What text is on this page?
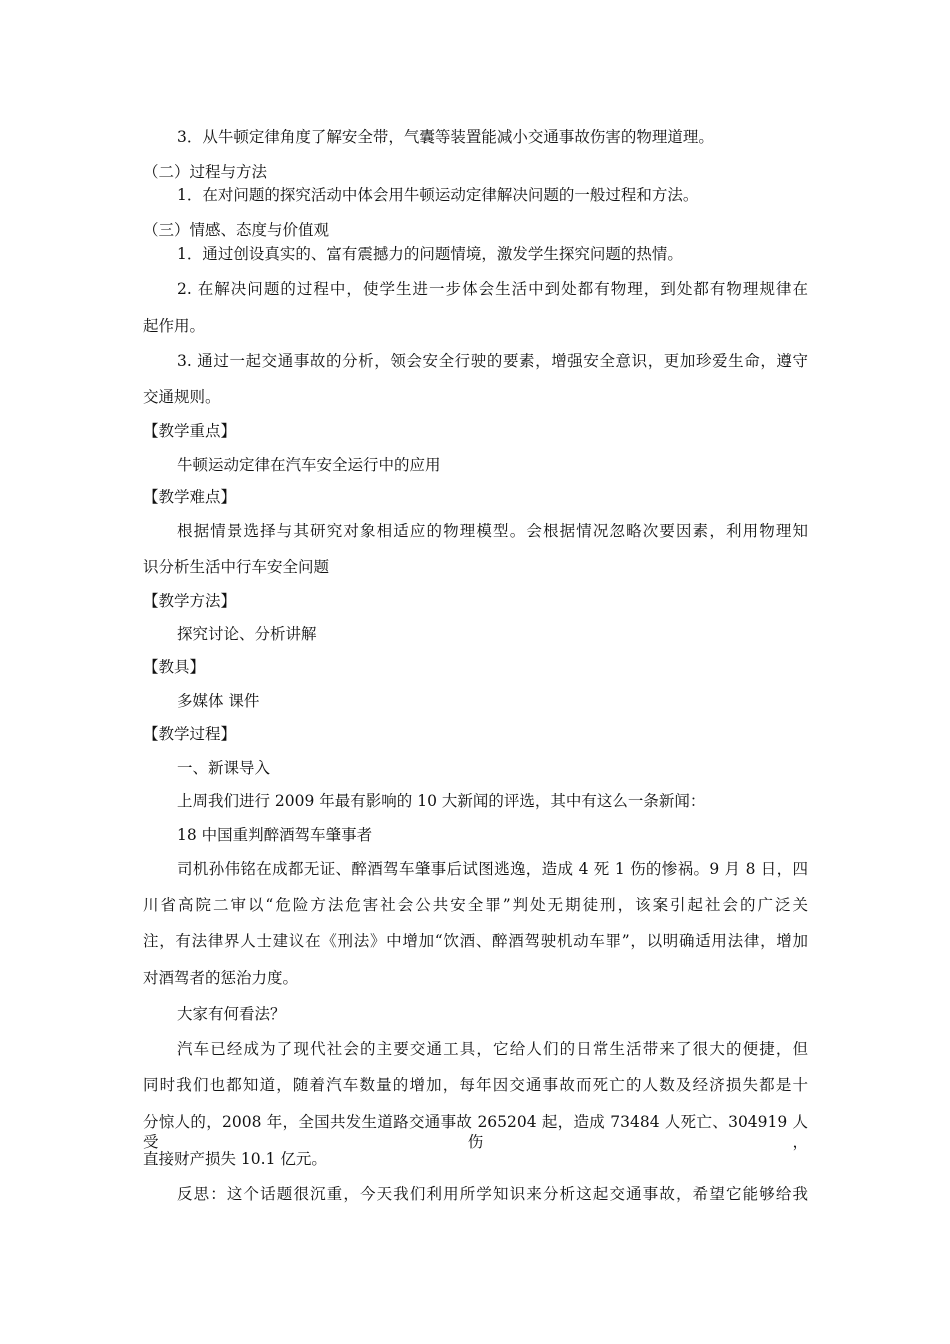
3．从牛顿定律角度了解安全带，气囊等装置能减小交通事故伤害的物理道理。
（二）过程与方法
1．在对问题的探究活动中体会用牛顿运动定律解决问题的一般过程和方法。
（三）情感、态度与价值观
1．通过创设真实的、富有震撼力的问题情境，激发学生探究问题的热情。
2. 在解决问题的过程中，使学生进一步体会生活中到处都有物理，到处都有物理规律在
起作用。
3. 通过一起交通事故的分析，领会安全行驶的要素，增强安全意识，更加珍爱生命，遵守
交通规则。
【教学重点】
牛顿运动定律在汽车安全运行中的应用
【教学难点】
根据情景选择与其研究对象相适应的物理模型。会根据情况忽略次要因素，利用物理知
识分析生活中行车安全问题
【教学方法】
探究讨论、分析讲解
【教具】
多媒体 课件
【教学过程】
一、新课导入
上周我们进行 2009 年最有影响的 10 大新闻的评选，其中有这么一条新闻：
18 中国重判醉酒驾车肇事者
司机孙伟铭在成都无证、醉酒驾车肇事后试图逃逸，造成 4 死 1 伤的惨祸。9 月 8 日，四
川省高院二审以“危险方法危害社会公共安全罪”判处无期徒刑，该案引起社会的广泛关
注，有法律界人士建议在《刑法》中增加“饮酒、醉酒驾驶机动车罪”，以明确适用法律，增加
对酒驾者的惩治力度。
大家有何看法？
汽车已经成为了现代社会的主要交通工具，它给人们的日常生活带来了很大的便捷，但
同时我们也都知道，随着汽车数量的增加，每年因交通事故而死亡的人数及经济损失都是十
分惊人的，2008 年，全国共发生道路交通事故 265204 起，造成 73484 人死亡、304919 人受伤，
直接财产损失 10.1 亿元。
反思：这个话题很沉重，今天我们利用所学知识来分析这起交通事故，希望它能够给我
